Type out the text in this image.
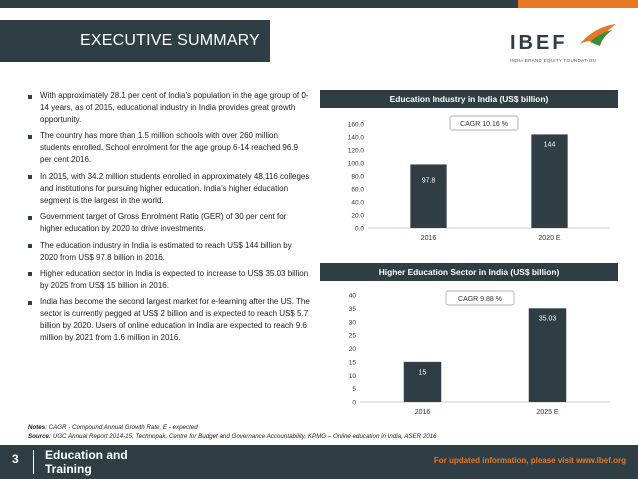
EXECUTIVE SUMMARY	IBEF
INDIA BRAND EQUITY FOUNDATION
With approximately 28.1 per cent of India’s population in the age group of 0-14 years, as of 2015, educational industry in India provides great growth opportunity.
The country has more than 1.5 million schools with over 260 million students enrolled. School enrolment for the age group 6-14 reached 96.9 per cent 2016.
In 2015, with 34.2 million students enrolled in approximately 48,116 colleges and institutions for pursuing higher education. India’s higher education segment is the largest in the world.
Government target of Gross Enrolment Ratio (GER) of 30 per cent for higher education by 2020 to drive investments.
The education industry in India is estimated to reach US$ 144 billion by 2020 from US$ 97.8 billion in 2016.
Higher education sector in India is expected to increase to US$ 35.03 billion by 2025 from US$ 15 billion in 2016.
India has become the second largest market for e-learning after the US. The sector is currently pegged at US$ 2 billion and is expected to reach US$ 5.7 billion by 2020. Users of online education in India are expected to reach 9.6 million by 2021 from 1.6 million in 2016.
Education Industry in India (US$ billion)
0.0
20.0
40.0
60.0
80.0
100.0
120.0
140.0
160.0
97.8
2016
144
2020 E
CAGR 10.16 %
Higher Education Sector in India (US$ billion)
0
5
10
15
20
25
30
35
40
15
2016
35.03
2025 E
CAGR 9.88 %
Notes: CAGR - Compound Annual Growth Rate, E - expected
Source: UGC Annual Report 2014-15, Technopak, Centre for Budget and Governance Accountability, KPMG – Online education in India, ASER 2016
3 Education and Training
For updated information, please visit www.ibef.org
